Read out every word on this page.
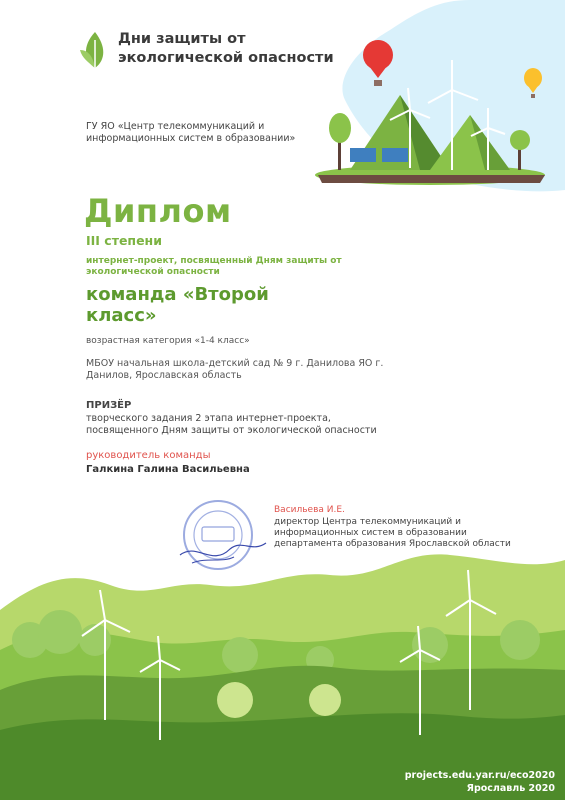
Дни защиты от экологической опасности
ГУ ЯО «Центр телекоммуникаций и информационных систем в образовании»
Диплом
III степени
интернет-проект, посвященный Дням защиты от экологической опасности
команда «Второй класс»
возрастная категория «1-4 класс»
МБОУ начальная школа-детский сад № 9 г. Данилова ЯО г. Данилов, Ярославская область
ПРИЗЁР
творческого задания 2 этапа интернет-проекта, посвященного Дням защиты от экологической опасности
руководитель команды
Галкина Галина Васильевна
Васильева И.Е.
директор Центра телекоммуникаций и информационных систем в образовании департамента образования Ярославской области
projects.edu.yar.ru/eco2020
Ярославль 2020
